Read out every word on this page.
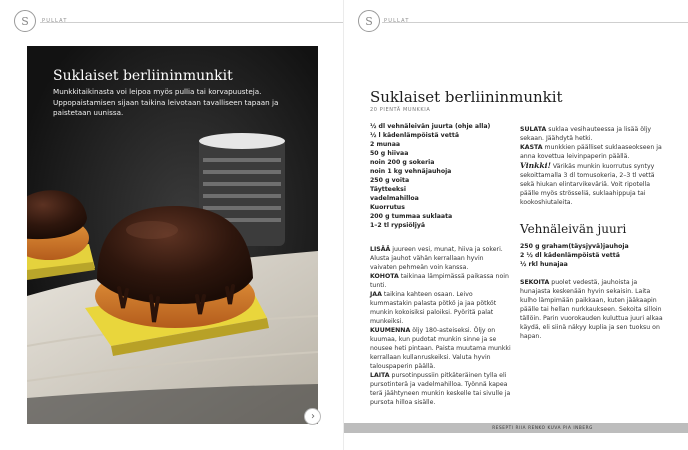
S	PULLAT
Suklaiset berliininmunkit
Munkkitaikinasta voi leipoa myös pullia tai korvapuusteja. Uppopaistamisen sijaan taikina leivotaan tavalliseen tapaan ja paistetaan uunissa.
›
S PULLAT
Suklaiset berliininmunkit
20 PIENTÄ MUNKKIA
½ dl vehnäleivän juurta (ohje alla)
½ l kädenlämpöistä vettä
2 munaa
50 g hiivaa
noin 200 g sokeria
noin 1 kg vehnäjauhoja
250 g voita
Täytteeksi
vadelmahilloa
Kuorrutus
200 g tummaa suklaata
1–2 tl rypsiöljyä

LISÄÄ juureen vesi, munat, hiiva ja sokeri. Alusta jauhot vähän kerrallaan hyvin vaivaten pehmeän voin kanssa.

KOHOTA taikinaa lämpimässä paikassa noin tunti.

JAA taikina kahteen osaan. Leivo kummastakin palasta pötkö ja jaa pötköt munkin kokoisiksi paloiksi. Pyöritä palat munkeiksi.

KUUMENNA öljy 180-asteiseksi. Öljy on kuumaa, kun pudotat munkin sinne ja se nousee heti pintaan. Paista muutama munkki kerrallaan kullanruskeiksi. Valuta hyvin talouspaperin päällä.

LAITA pursotinpussiin pitkäteräinen tylla eli pursotinterä ja vadelmahilloa. Työnnä kapea terä jäähtyneen munkin keskelle tai sivulle ja pursota hilloa sisälle.

SULATA suklaa vesihauteessa ja lisää öljy sekaan. Jäähdytä hetki.

KASTA munkkien päälliset suklaaseokseen ja anna kovettua leivinpaperin päällä.

Vinkki! Värikäs munkin kuorrutus syntyy sekoittamalla 3 dl tomusokeria, 2–3 tl vettä sekä hiukan elintarvikeväriä. Voit ripotella päälle myös strösseliä, suklaahippuja tai kookoshiutaleita.

Vehnäleivän juuri
250 g graham(täysjyvä)jauhoja
2 ½ dl kädenlämpöistä vettä
½ rkl hunajaa

SEKOITA puolet vedestä, jauhoista ja hunajasta keskenään hyvin sekaisin. Laita kulho lämpimään paikkaan, kuten jääkaapin päälle tai hellan nurkkaukseen. Sekoita silloin tällöin. Parin vuorokauden kuluttua juuri alkaa käydä, eli siinä näkyy kuplia ja sen tuoksu on hapan.

RESEPTI RIIA RENKO KUVA PIA INBERG
